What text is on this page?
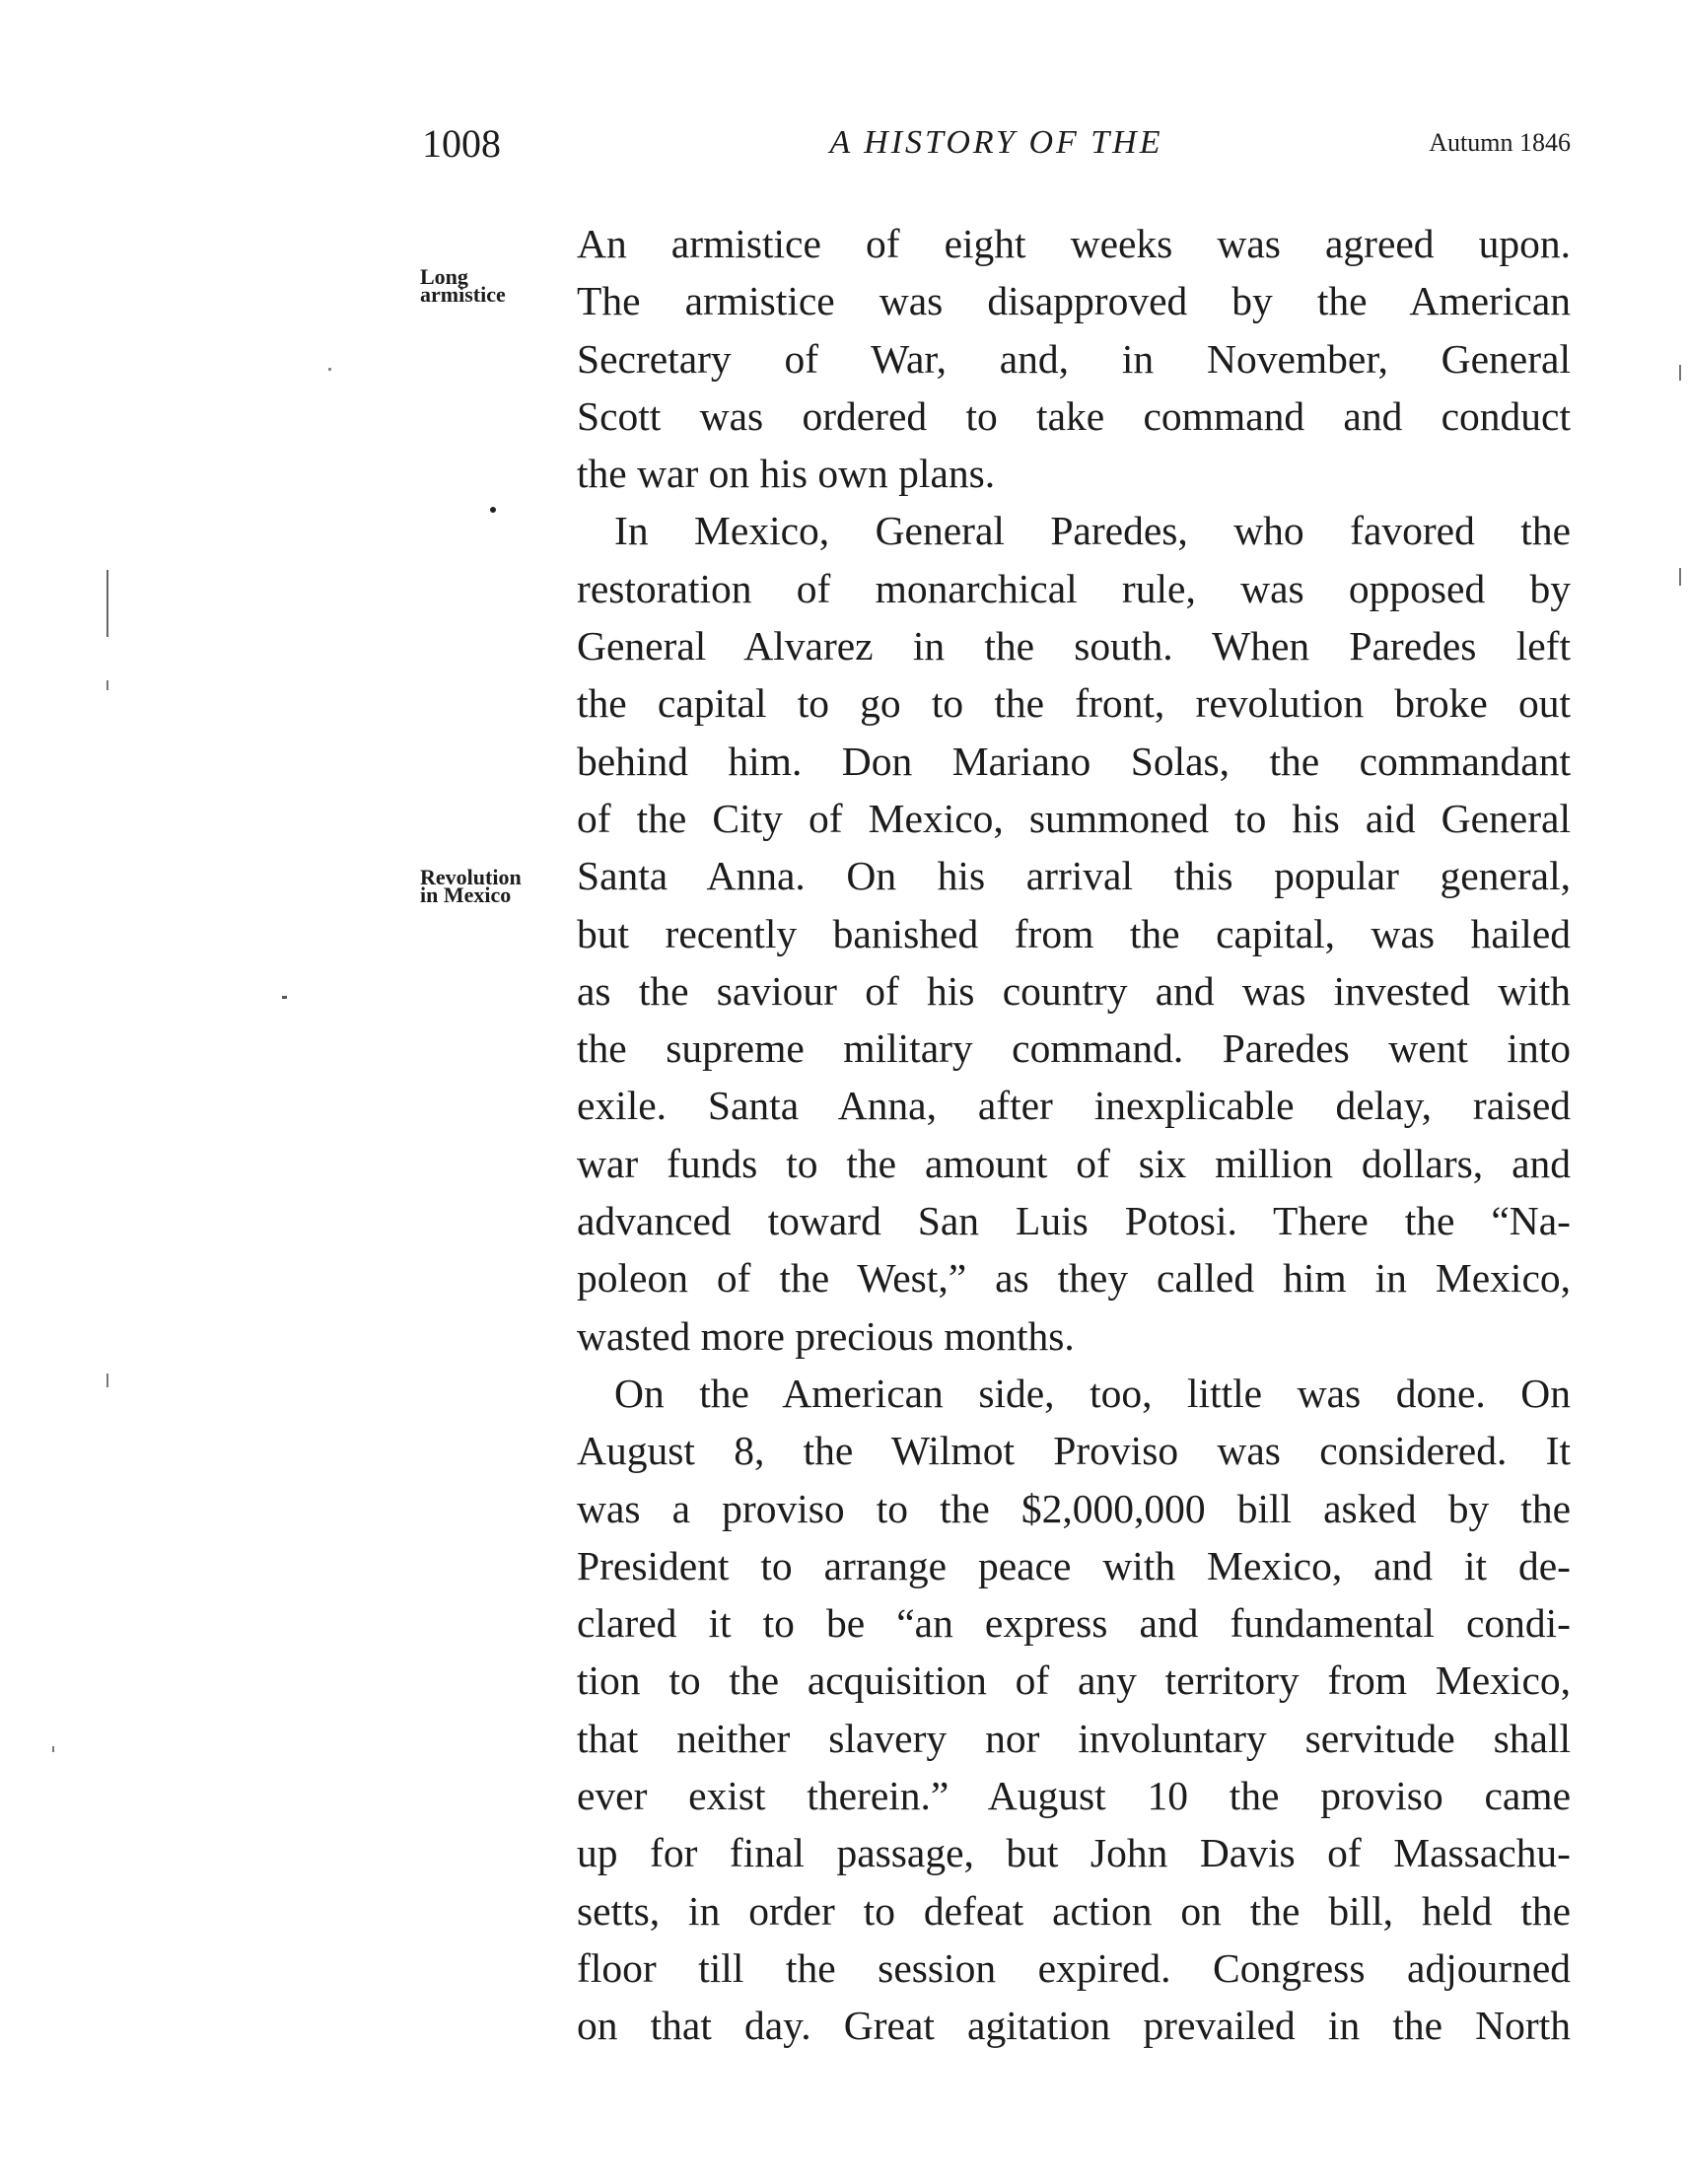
1008	A HISTORY OF THE	Autumn 1846
Long
armistice
Revolution
in Mexico
An armistice of eight weeks was agreed upon.
The armistice was disapproved by the American
Secretary of War, and, in November, General
Scott was ordered to take command and conduct
the war on his own plans.
In Mexico, General Paredes, who favored the
restoration of monarchical rule, was opposed by
General Alvarez in the south. When Paredes left
the capital to go to the front, revolution broke out
behind him. Don Mariano Solas, the commandant
of the City of Mexico, summoned to his aid General
Santa Anna. On his arrival this popular general,
but recently banished from the capital, was hailed
as the saviour of his country and was invested with
the supreme military command. Paredes went into
exile. Santa Anna, after inexplicable delay, raised
war funds to the amount of six million dollars, and
advanced toward San Luis Potosi. There the “Na-
poleon of the West,” as they called him in Mexico,
wasted more precious months.
On the American side, too, little was done. On
August 8, the Wilmot Proviso was considered. It
was a proviso to the $2,000,000 bill asked by the
President to arrange peace with Mexico, and it de-
clared it to be “an express and fundamental condi-
tion to the acquisition of any territory from Mexico,
that neither slavery nor involuntary servitude shall
ever exist therein.” August 10 the proviso came
up for final passage, but John Davis of Massachu-
setts, in order to defeat action on the bill, held the
floor till the session expired. Congress adjourned
on that day. Great agitation prevailed in the North
